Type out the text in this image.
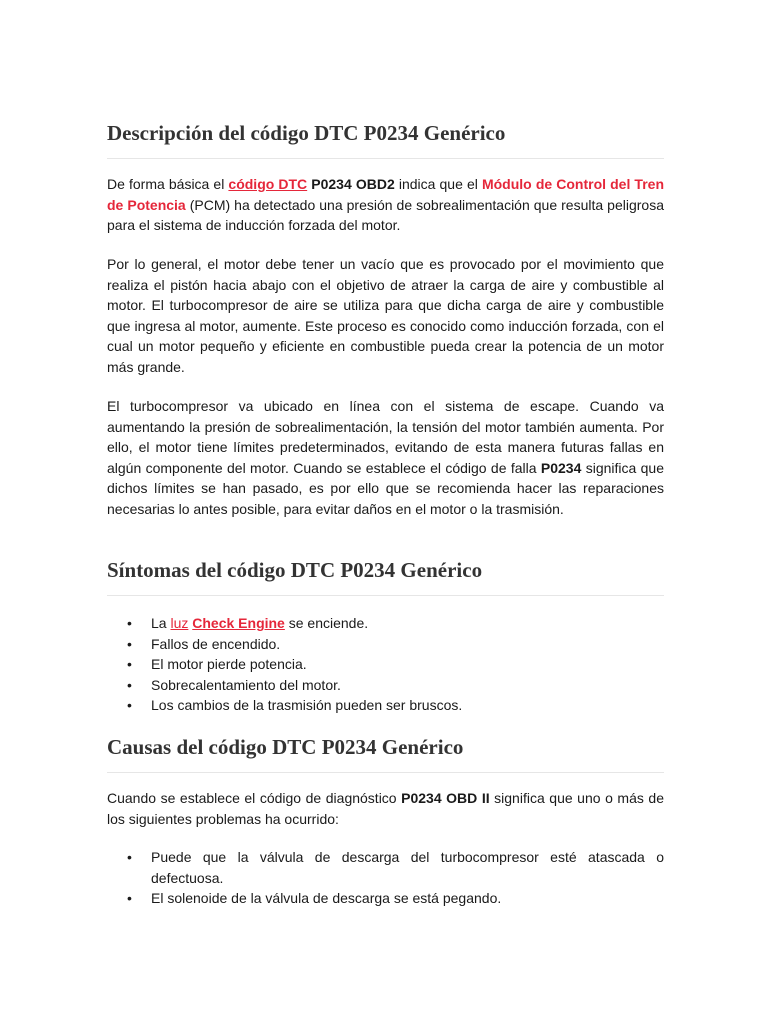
Descripción del código DTC P0234 Genérico

De forma básica el código DTC P0234 OBD2 indica que el Módulo de Control del Tren de Potencia (PCM) ha detectado una presión de sobrealimentación que resulta peligrosa para el sistema de inducción forzada del motor.

Por lo general, el motor debe tener un vacío que es provocado por el movimiento que realiza el pistón hacia abajo con el objetivo de atraer la carga de aire y combustible al motor. El turbocompresor de aire se utiliza para que dicha carga de aire y combustible que ingresa al motor, aumente. Este proceso es conocido como inducción forzada, con el cual un motor pequeño y eficiente en combustible pueda crear la potencia de un motor más grande.

El turbocompresor va ubicado en línea con el sistema de escape. Cuando va aumentando la presión de sobrealimentación, la tensión del motor también aumenta. Por ello, el motor tiene límites predeterminados, evitando de esta manera futuras fallas en algún componente del motor. Cuando se establece el código de falla P0234 significa que dichos límites se han pasado, es por ello que se recomienda hacer las reparaciones necesarias lo antes posible, para evitar daños en el motor o la trasmisión.

Síntomas del código DTC P0234 Genérico
• La luz Check Engine se enciende.
• Fallos de encendido.
• El motor pierde potencia.
• Sobrecalentamiento del motor.
• Los cambios de la trasmisión pueden ser bruscos.
Causas del código DTC P0234 Genérico

Cuando se establece el código de diagnóstico P0234 OBD II significa que uno o más de los siguientes problemas ha ocurrido:

• Puede que la válvula de descarga del turbocompresor esté atascada o defectuosa.
• El solenoide de la válvula de descarga se está pegando.
